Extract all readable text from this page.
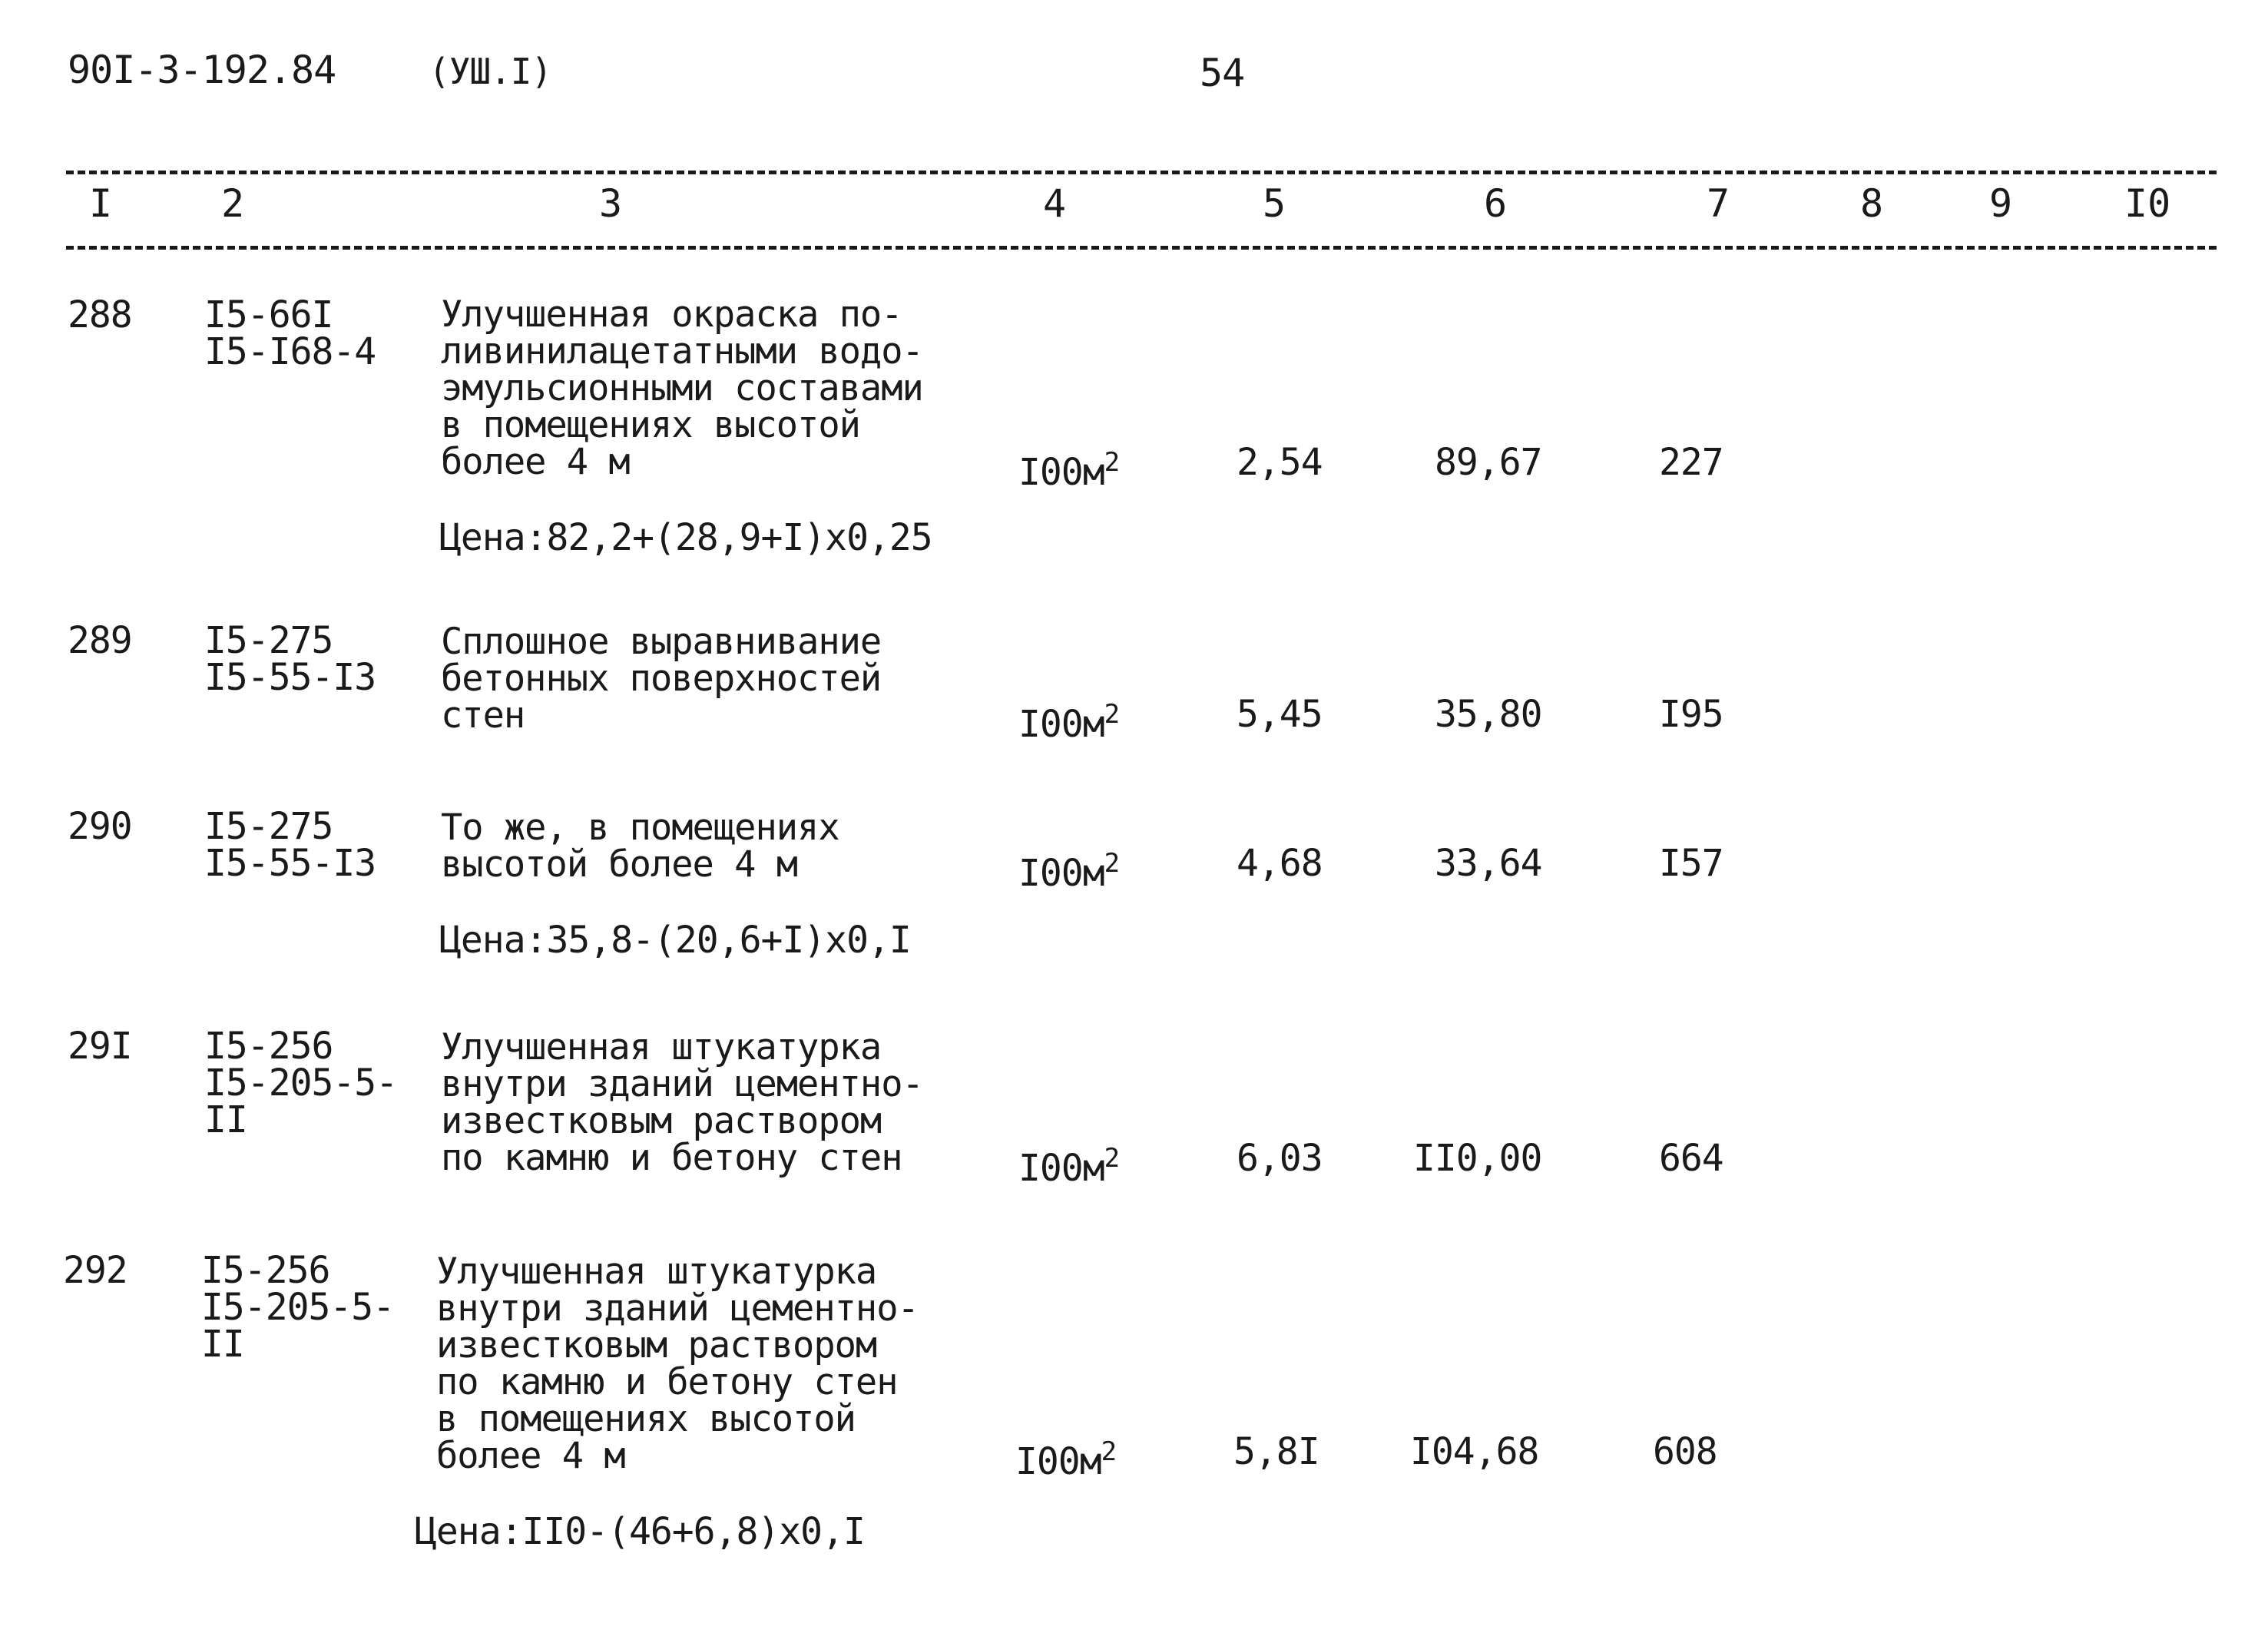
90I-3-192.84	(УШ.I)	54
I	2	3	4	5	6	7	8	9	I0
288 I5-66I
I5-I68-4
Улучшенная окраска по-
ливинилацетатными водо-
эмульсионными составами
в помещениях высотой
более 4 м	$I00м^2$	2,54	89,67	227
Цена:82,2+(28,9+I)x0,25
289 I5-275
I5-55-I3
Сплошное выравнивание
бетонных поверхностей
стен	$I00м^2$	5,45	35,80	I95
290 I5-275
I5-55-I3
То же, в помещениях
высотой более 4 м	$I00м^2$	4,68	33,64	I57
Цена:35,8-(20,6+I)x0,I
29I I5-256
I5-205-5-
II
Улучшенная штукатурка
внутри зданий цементно-
известковым раствором
по камню и бетону стен	$I00м^2$	6,03 II0,00	664
292 I5-256
I5-205-5-
II
Улучшенная штукатурка
внутри зданий цементно-
известковым раствором
по камню и бетону стен
в помещениях высотой
более 4 м	$I00м^2$	5,8I I04,68	608
Цена:II0-(46+6,8)x0,I
